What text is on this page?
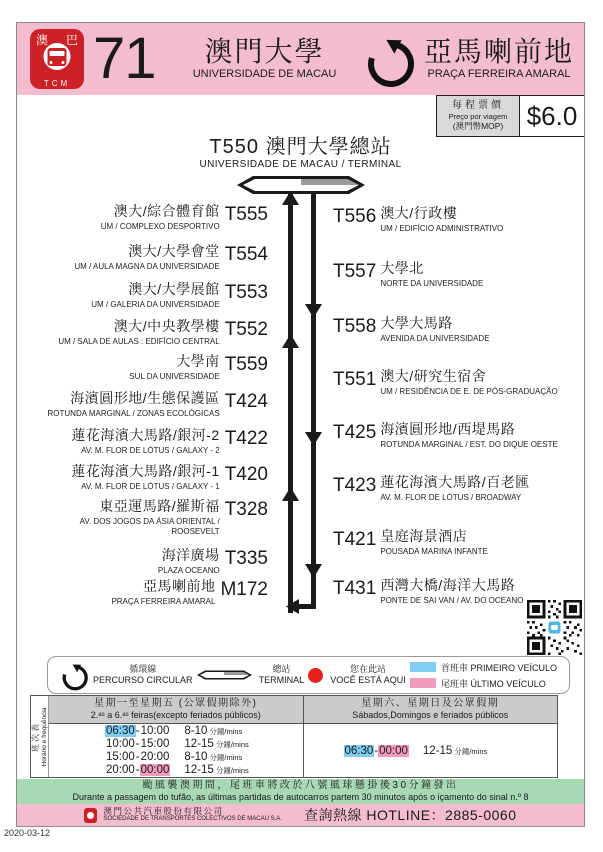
澳 巴
TCM 71	澳門大學
UNIVERSIDADE DE MACAU
亞馬喇前地
PRAÇA FERREIRA AMARAL
每程票價
Preço por viagem
(澳門幣MOP) $6.0
T550 澳門大學總站
UNIVERSIDADE DE MACAU / TERMINAL
澳大/綜合體育館
UM / COMPLEXO DESPORTIVO
T555
澳大/大學會堂
UM / AULA MAGNA DA UNIVERSIDADE
T554
澳大/大學展館
UM / GALERIA DA UNIVERSIDADE
T553
澳大/中央教學樓
UM / SALA DE AULAS : EDIFÍCIO CENTRAL
T552
大學南
SUL DA UNIVERSIDADE
T559
海濱圓形地/生態保護區
ROTUNDA MARGINAL / ZONAS ECOLÓGICAS
T424
蓮花海濱大馬路/銀河-2
AV. M. FLOR DE LÓTUS / GALAXY - 2
T422
蓮花海濱大馬路/銀河-1
AV. M. FLOR DE LÓTUS / GALAXY - 1
T420
東亞運馬路/羅斯福
AV. DOS JOGOS DA ÁSIA ORIENTAL / ROOSEVELT
T328
海洋廣場
PLAZA OCEANO
T335
亞馬喇前地
PRAÇA FERREIRA AMARAL
M172
T556 澳大/行政樓
UM / EDIFÍCIO ADMINISTRATIVO
T557 大學北
NORTE DA UNIVERSIDADE
T558 大學大馬路
AVENIDA DA UNIVERSIDADE
T551 澳大/研究生宿舍
UM / RESIDÊNCIA DE E. DE PÓS-GRADUAÇÃO
T425 海濱圓形地/西堤馬路
ROTUNDA MARGINAL / EST. DO DIQUE OESTE
T423 蓮花海濱大馬路/百老匯
AV. M. FLOR DE LÓTUS / BROADWAY
T421 皇庭海景酒店
POUSADA MARINA INFANTE
T431 西灣大橋/海洋大馬路
PONTE DE SAI VAN / AV. DO OCEANO
循環線
PERCURSO CIRCULAR
總站
TERMINAL
您在此站
VOCÊ ESTÁ AQUI
首班車 PRIMEIRO VEÍCULO
尾班車 ÚLTIMO VEÍCULO
班次表 Horário e frequência
星期一至星期五 (公眾假期除外)
2.ᵃˢ a 6.ᵃˢ feiras(excepto feriados públicos)
06:30 - 10:00 8-10 分鐘/mins
10:00 - 15:00 12-15 分鐘/mins
15:00 - 20:00 8-10 分鐘/mins
20:00 - 00:00 12-15 分鐘/mins
星期六、星期日及公眾假期
Sábados,Domingos e feriados públicos
06:30 - 00:00 12-15 分鐘/mins
颱風襲澳期間，尾班車將改於八號風球懸掛後30分鐘發出
Durante a passagem do tufão, as últimas partidas de autocarros partem 30 minutos após o içamento do sinal n.º 8
澳門公共汽車股份有限公司
SOCIEDADE DE TRANSPORTES COLECTIVOS DE MACAU S.A. 查詢熱線 HOTLINE：2885-0060
2020-03-12
